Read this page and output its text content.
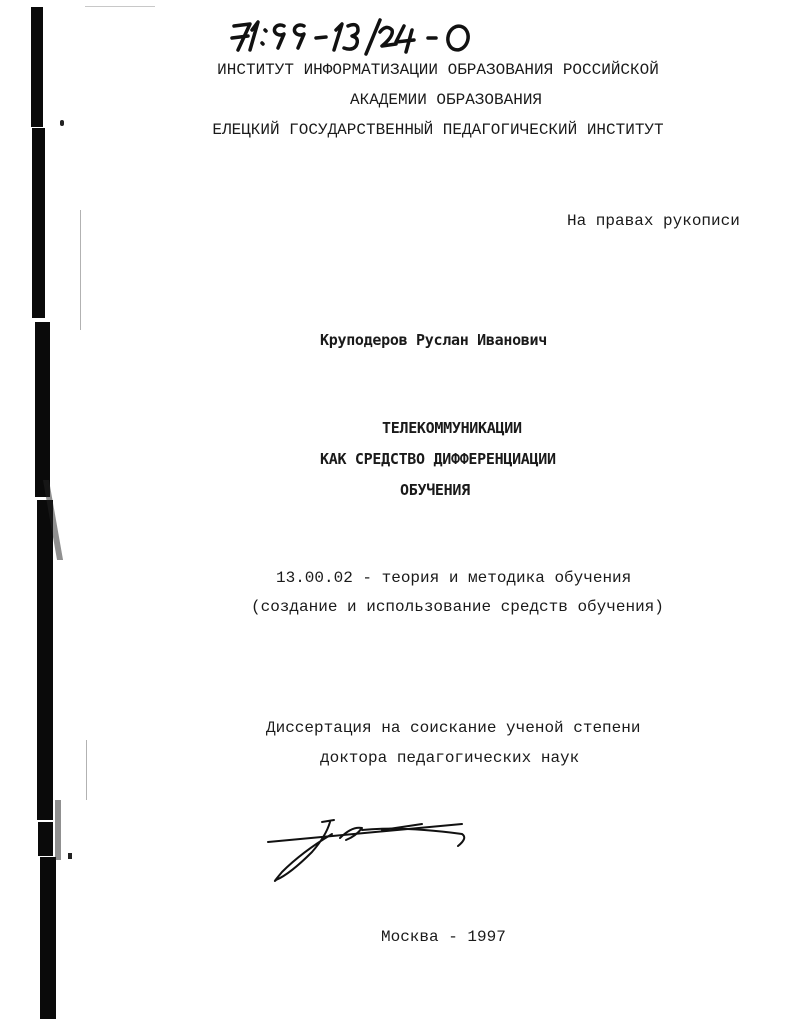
ИНСТИТУТ ИНФОРМАТИЗАЦИИ ОБРАЗОВАНИЯ РОССИЙСКОЙ
АКАДЕМИИ ОБРАЗОВАНИЯ
ЕЛЕЦКИЙ ГОСУДАРСТВЕННЫЙ ПЕДАГОГИЧЕСКИЙ ИНСТИТУТ
На правах рукописи
Круподеров Руслан Иванович
ТЕЛЕКОММУНИКАЦИИ
КАК СРЕДСТВО ДИФФЕРЕНЦИАЦИИ
ОБУЧЕНИЯ
13.00.02 - теория и методика обучения
(создание и использование средств обучения)
Диссертация на соискание ученой степени
доктора педагогических наук
Москва - 1997
